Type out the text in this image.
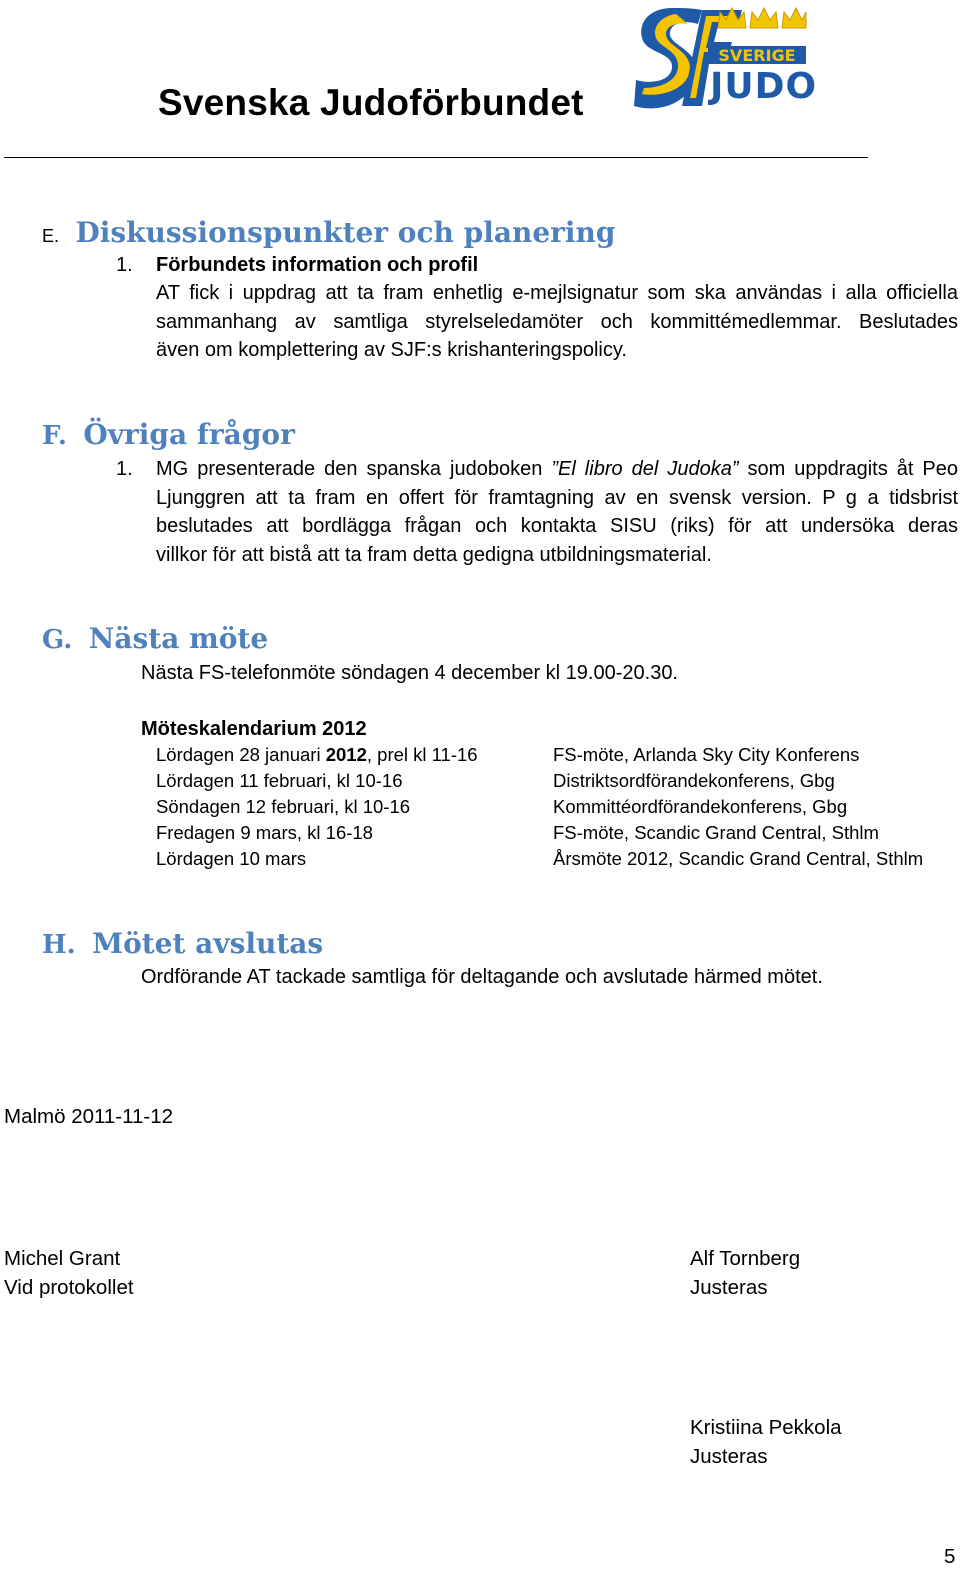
Svenska Judoförbundet
SVERIGE
JUDO
E. Diskussionspunkter och planering
1. Förbundets information och profil
AT fick i uppdrag att ta fram enhetlig e-mejlsignatur som ska användas i alla officiella
sammanhang av samtliga styrelseledamöter och kommittémedlemmar. Beslutades
även om komplettering av SJF:s krishanteringspolicy.
F. Övriga frågor
1. MG presenterade den spanska judoboken ”El libro del Judoka” som uppdragits åt Peo
Ljunggren att ta fram en offert för framtagning av en svensk version. P g a tidsbrist
beslutades att bordlägga frågan och kontakta SISU (riks) för att undersöka deras
villkor för att bistå att ta fram detta gedigna utbildningsmaterial.
G. Nästa möte
Nästa FS-telefonmöte söndagen 4 december kl 19.00-20.30.
Möteskalendarium 2012
Lördagen 28 januari 2012, prel kl 11-16
Lördagen 11 februari, kl 10-16
Söndagen 12 februari, kl 10-16
Fredagen 9 mars, kl 16-18
Lördagen 10 mars
FS-möte, Arlanda Sky City Konferens
Distriktsordförandekonferens, Gbg
Kommittéordförandekonferens, Gbg
FS-möte, Scandic Grand Central, Sthlm
Årsmöte 2012, Scandic Grand Central, Sthlm
H. Mötet avslutas
Ordförande AT tackade samtliga för deltagande och avslutade härmed mötet.
Malmö 2011-11-12
Michel Grant
Vid protokollet
Alf Tornberg
Justeras
Kristiina Pekkola
Justeras
5
